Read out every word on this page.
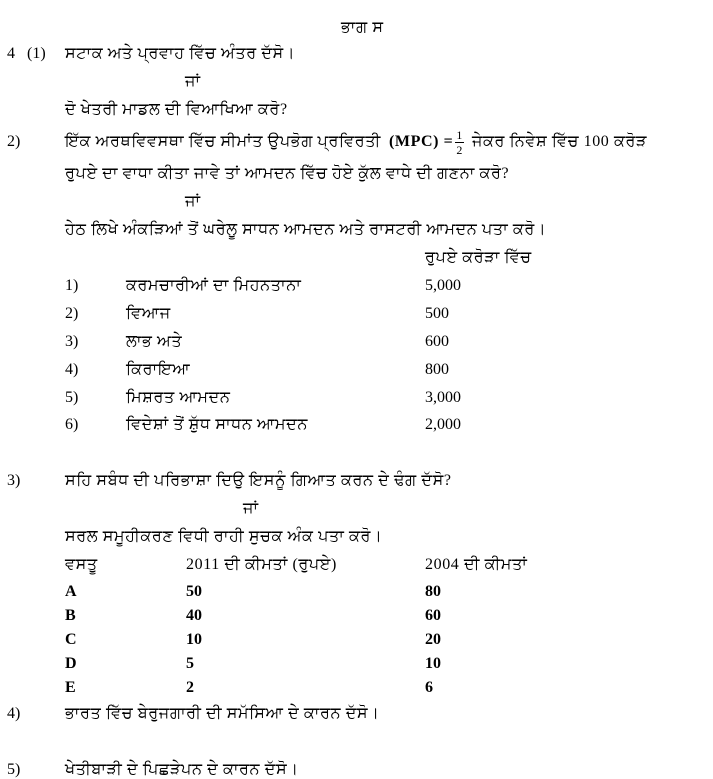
ਭਾਗ ਸ
4 (1) ਸਟਾਕ ਅਤੇ ਪ੍ਰਵਾਹ ਵਿੱਚ ਅੰਤਰ ਦੱਸੋ।
ਜਾਂ
ਦੋ ਖੇਤਰੀ ਮਾਡਲ ਦੀ ਵਿਆਖਿਆ ਕਰੋ?
2)	ਇੱਕ ਅਰਥਵਿਵਸਥਾ ਵਿੱਚ ਸੀਮਾਂਤ ਉਪਭੋਗ ਪ੍ਰਵਿਰਤੀ $(MPC) = \frac{1}{2}$ ਜੇਕਰ ਨਿਵੇਸ਼ ਵਿੱਚ 100 ਕਰੋੜ
ਰੁਪਏ ਦਾ ਵਾਧਾ ਕੀਤਾ ਜਾਵੇ ਤਾਂ ਆਮਦਨ ਵਿੱਚ ਹੋਏ ਕੁੱਲ ਵਾਧੇ ਦੀ ਗਣਨਾ ਕਰੋ?
ਜਾਂ
ਹੇਠ ਲਿਖੇ ਅੰਕੜਿਆਂ ਤੋਂ ਘਰੇਲੂ ਸਾਧਨ ਆਮਦਨ ਅਤੇ ਰਾਸਟਰੀ ਆਮਦਨ ਪਤਾ ਕਰੋ।
ਰੁਪਏ ਕਰੋੜਾ ਵਿੱਚ
1)	ਕਰਮਚਾਰੀਆਂ ਦਾ ਮਿਹਨਤਾਨਾ	5,000
2)	ਵਿਆਜ	500
3)	ਲਾਭ ਅਤੇ	600
4)	ਕਿਰਾਇਆ	800
5)	ਮਿਸ਼ਰਤ ਆਮਦਨ	3,000
6)	ਵਿਦੇਸ਼ਾਂ ਤੋਂ ਸ਼ੁੱਧ ਸਾਧਨ ਆਮਦਨ	2,000
3)	ਸਹਿ ਸਬੰਧ ਦੀ ਪਰਿਭਾਸ਼ਾ ਦਿਉ ਇਸਨੂੰ ਗਿਆਤ ਕਰਨ ਦੇ ਢੰਗ ਦੱਸੋ?
ਜਾਂ
ਸਰਲ ਸਮੂਹੀਕਰਣ ਵਿਧੀ ਰਾਹੀ ਸੁਚਕ ਅੰਕ ਪਤਾ ਕਰੋ।
ਵਸਤੂ	2011 ਦੀ ਕੀਮਤਾਂ (ਰੁਪਏ)	2004 ਦੀ ਕੀਮਤਾਂ
A	50	80
B	40	60
C	10	20
D	5	10
E	2	6
4)	ਭਾਰਤ ਵਿੱਚ ਬੇਰੁਜਗਾਰੀ ਦੀ ਸਮੱਸਿਆ ਦੇ ਕਾਰਨ ਦੱਸੋ।
5)	ਖੇਤੀਬਾੜੀ ਦੇ ਪਿਛੜੇਪਨ ਦੇ ਕਾਰਨ ਦੱਸੋ।
